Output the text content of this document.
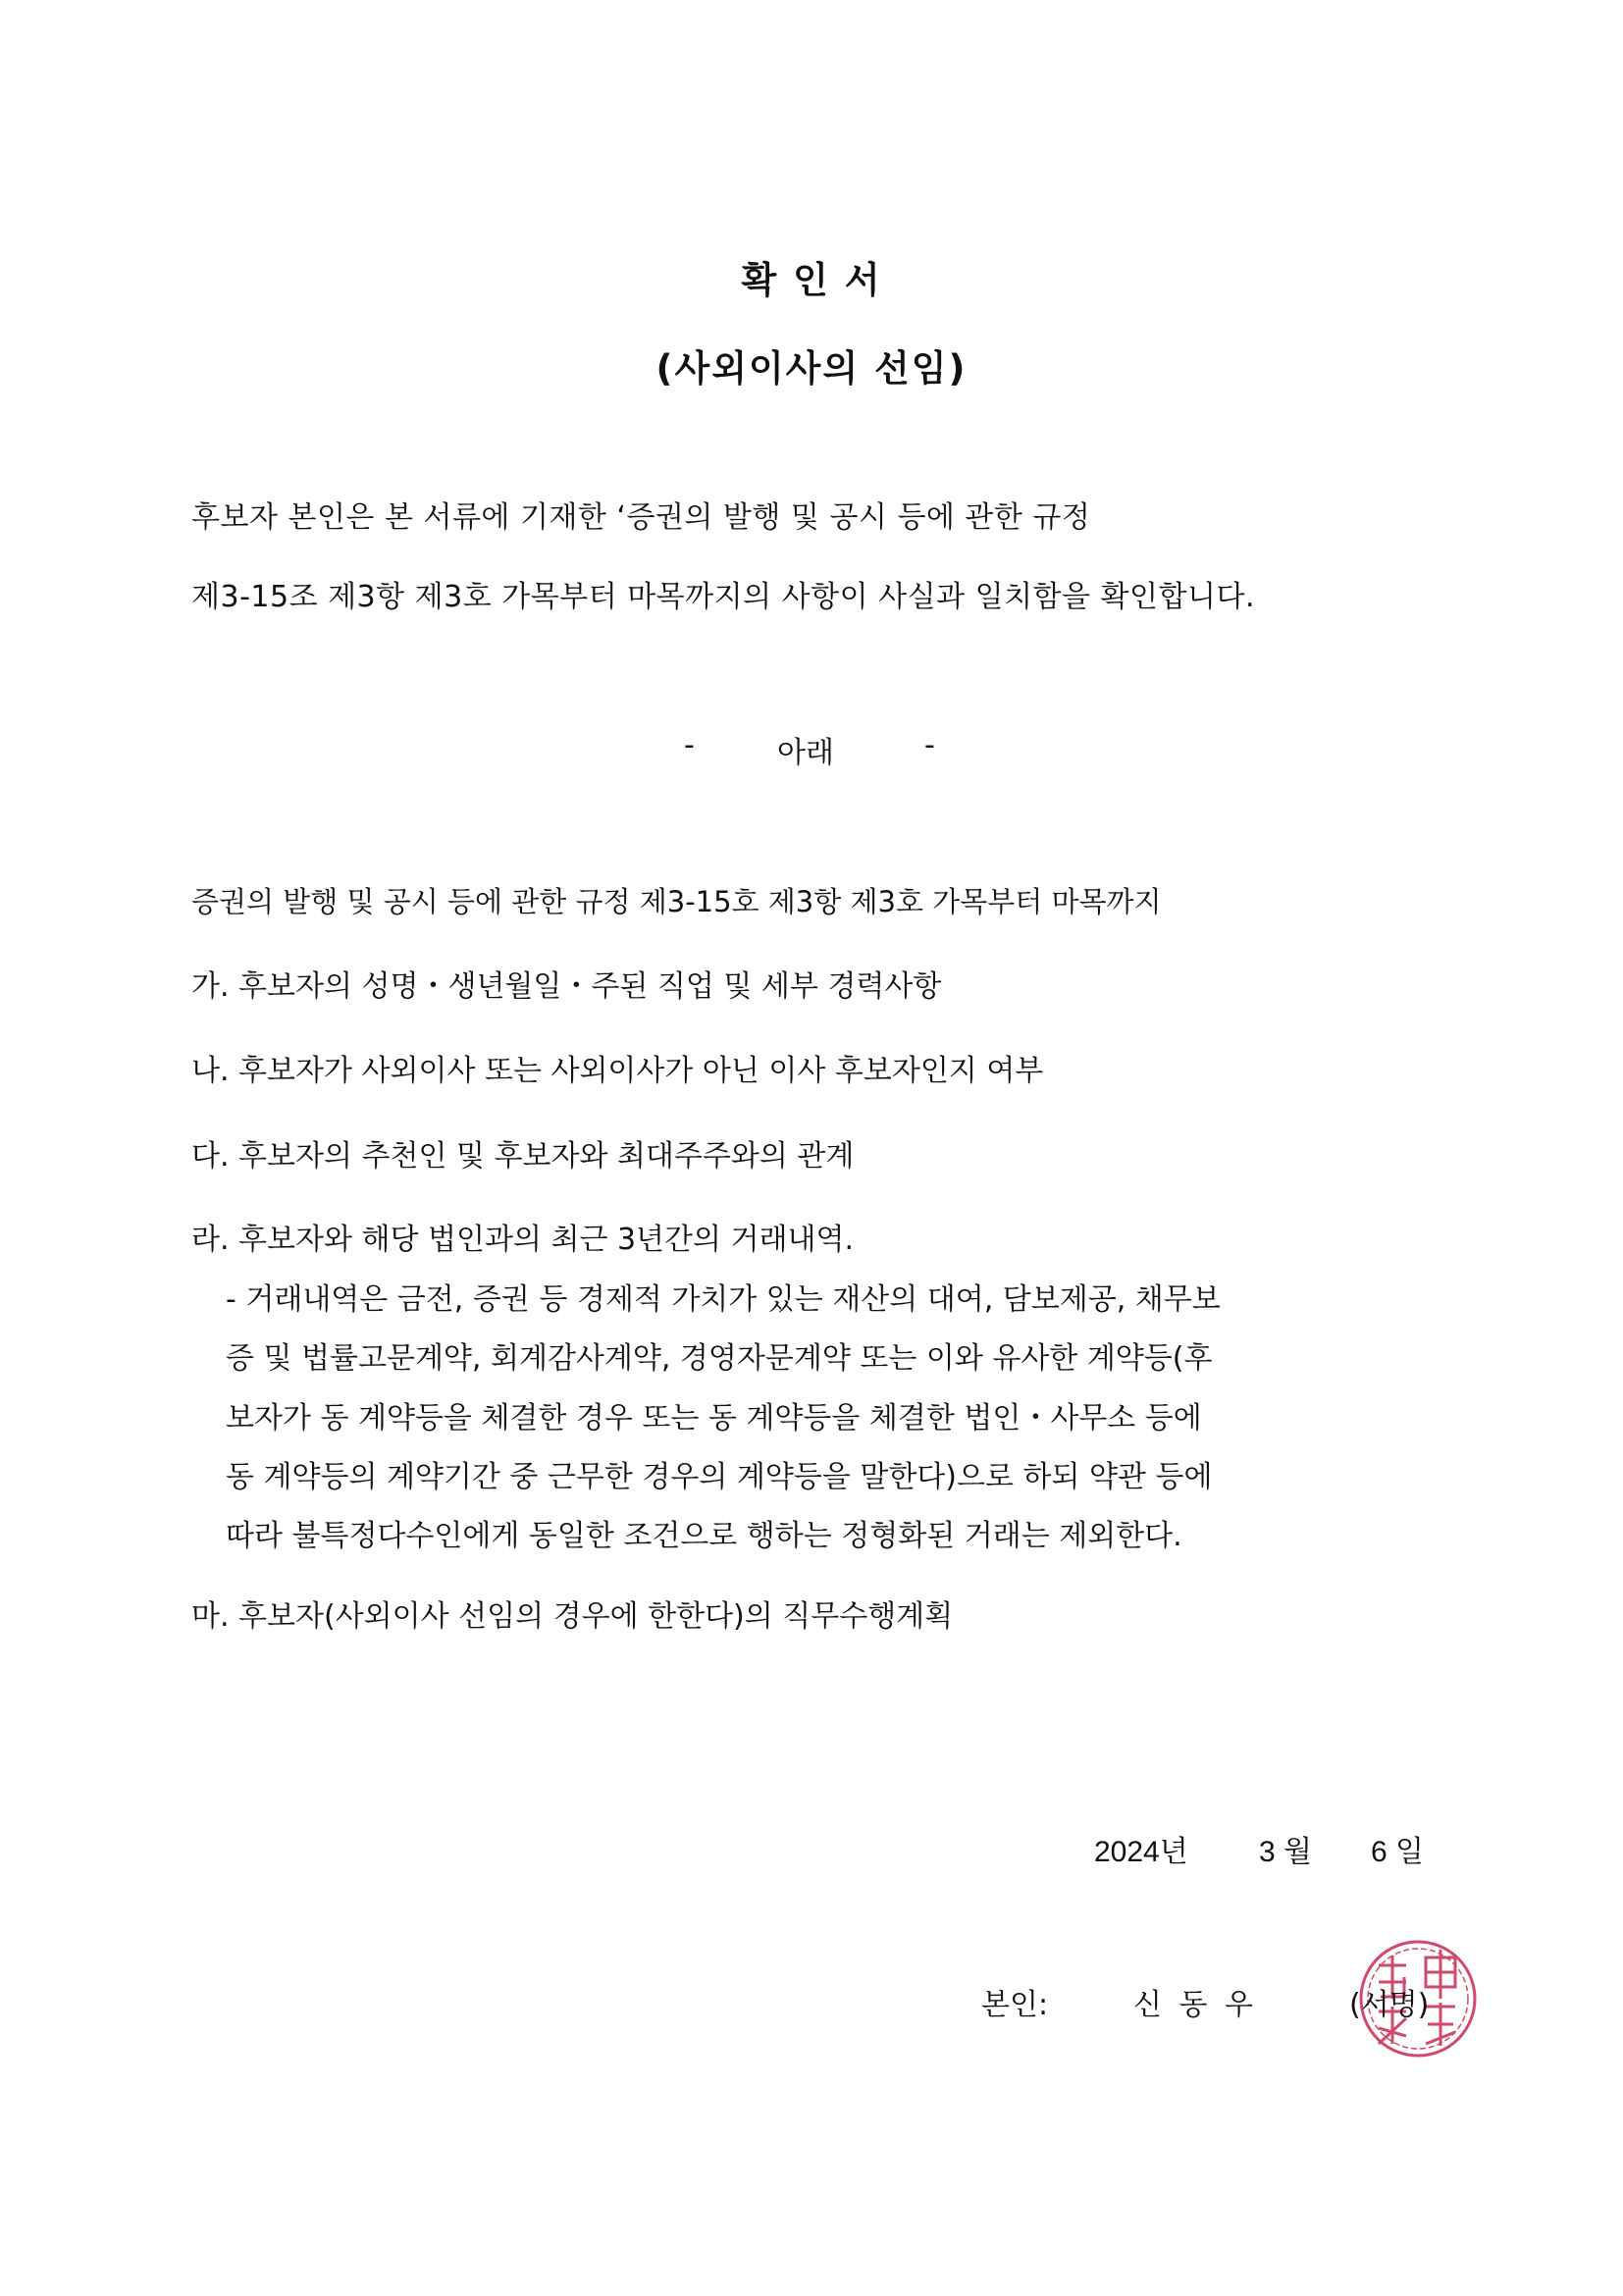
확 인 서
(사외이사의 선임)
후보자 본인은 본 서류에 기재한 ‘증권의 발행 및 공시 등에 관한 규정
제3-15조 제3항 제3호 가목부터 마목까지의 사항이 사실과 일치함을 확인합니다.
-	아래	-
증권의 발행 및 공시 등에 관한 규정 제3-15호 제3항 제3호 가목부터 마목까지
가. 후보자의 성명・생년월일・주된 직업 및 세부 경력사항
나. 후보자가 사외이사 또는 사외이사가 아닌 이사 후보자인지 여부
다. 후보자의 추천인 및 후보자와 최대주주와의 관계
라. 후보자와 해당 법인과의 최근 3년간의 거래내역.
- 거래내역은 금전, 증권 등 경제적 가치가 있는 재산의 대여, 담보제공, 채무보
증 및 법률고문계약, 회계감사계약, 경영자문계약 또는 이와 유사한 계약등(후
보자가 동 계약등을 체결한 경우 또는 동 계약등을 체결한 법인・사무소 등에
동 계약등의 계약기간 중 근무한 경우의 계약등을 말한다)으로 하되 약관 등에
따라 불특정다수인에게 동일한 조건으로 행하는 정형화된 거래는 제외한다.
마. 후보자(사외이사 선임의 경우에 한한다)의 직무수행계획
2024년 3 월 6 일
본인:	신 동 우	(서명)
